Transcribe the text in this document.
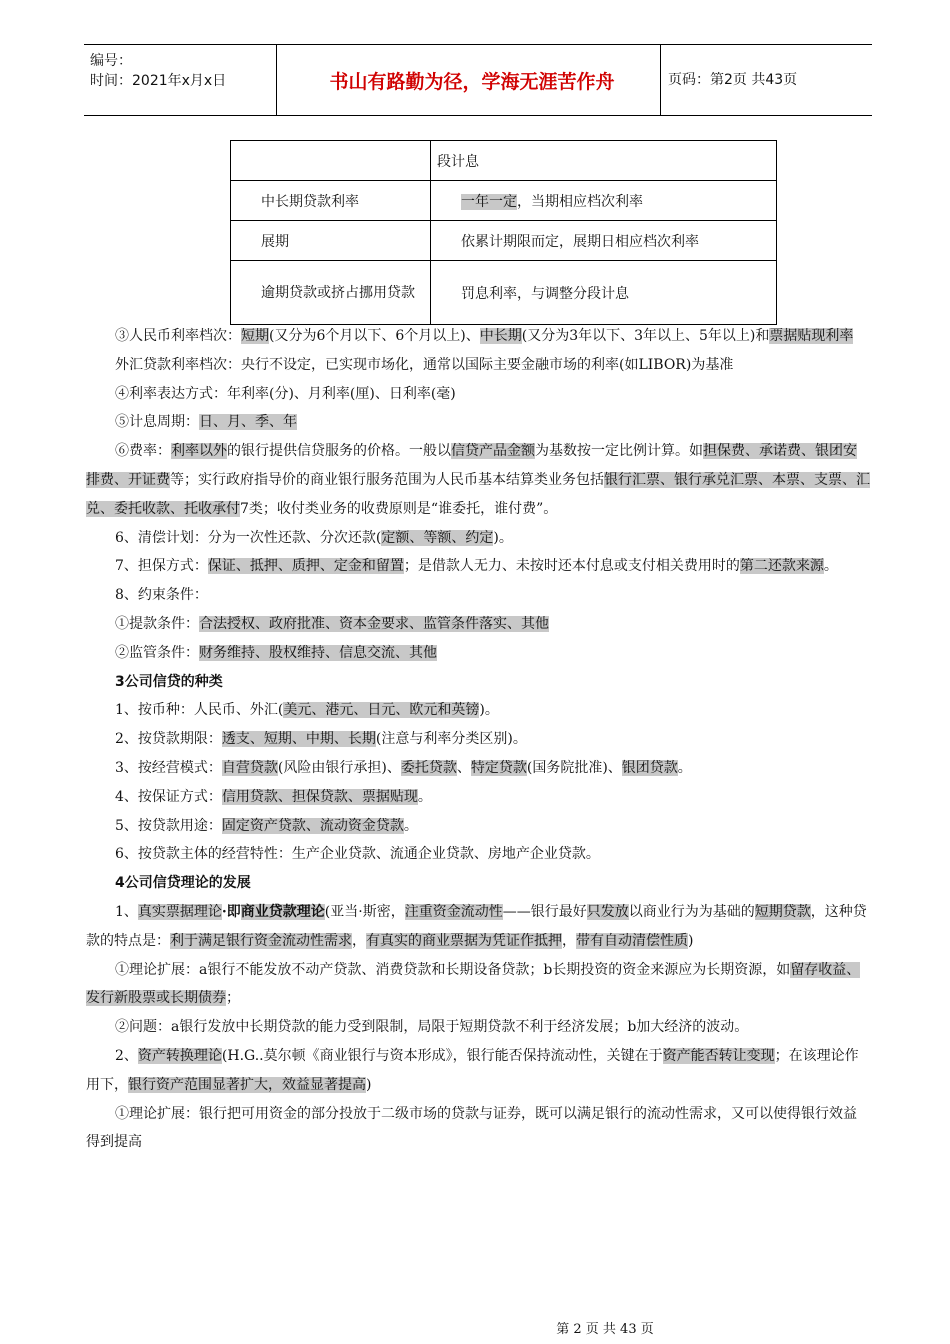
编号：
时间：2021年x月x日	书山有路勤为径，学海无涯苦作舟	页码：第2页 共43页
	段计息
中长期贷款利率	一年一定，当期相应档次利率
展期	依累计期限而定，展期日相应档次利率
逾期贷款或挤占挪用贷款	罚息利率，与调整分段计息

③人民币利率档次：短期(又分为6个月以下、6个月以上)、中长期(又分为3年以下、3年以上、5年以上)和票据贴现利率

外汇贷款利率档次：央行不设定，已实现市场化，通常以国际主要金融市场的利率(如LIBOR)为基准

④利率表达方式：年利率(分)、月利率(厘)、日利率(毫)

⑤计息周期：日、月、季、年

⑥费率：利率以外的银行提供信贷服务的价格。一般以信贷产品金额为基数按一定比例计算。如担保费、承诺费、银团安排费、开证费等；实行政府指导价的商业银行服务范围为人民币基本结算类业务包括银行汇票、银行承兑汇票、本票、支票、汇兑、委托收款、托收承付7类；收付类业务的收费原则是“谁委托，谁付费”。

6、清偿计划：分为一次性还款、分次还款(定额、等额、约定)。

7、担保方式：保证、抵押、质押、定金和留置；是借款人无力、未按时还本付息或支付相关费用时的第二还款来源。

8、约束条件：

①提款条件：合法授权、政府批准、资本金要求、监管条件落实、其他

②监管条件：财务维持、股权维持、信息交流、其他

3公司信贷的种类

1、按币种：人民币、外汇(美元、港元、日元、欧元和英镑)。

2、按贷款期限：透支、短期、中期、长期(注意与利率分类区别)。

3、按经营模式：自营贷款(风险由银行承担)、委托贷款、特定贷款(国务院批准)、银团贷款。

4、按保证方式：信用贷款、担保贷款、票据贴现。

5、按贷款用途：固定资产贷款、流动资金贷款。

6、按贷款主体的经营特性：生产企业贷款、流通企业贷款、房地产企业贷款。

4公司信贷理论的发展

1、真实票据理论·即商业贷款理论(亚当·斯密，注重资金流动性——银行最好只发放以商业行为为基础的短期贷款，这种贷款的特点是：利于满足银行资金流动性需求，有真实的商业票据为凭证作抵押，带有自动清偿性质)

①理论扩展：a银行不能发放不动产贷款、消费贷款和长期设备贷款；b长期投资的资金来源应为长期资源，如留存收益、发行新股票或长期债券；

②问题：a银行发放中长期贷款的能力受到限制，局限于短期贷款不利于经济发展；b加大经济的波动。

2、资产转换理论(H.G..莫尔顿《商业银行与资本形成》，银行能否保持流动性，关键在于资产能否转让变现；在该理论作用下，银行资产范围显著扩大，效益显著提高)

①理论扩展：银行把可用资金的部分投放于二级市场的贷款与证券，既可以满足银行的流动性需求，又可以使得银行效益得到提高

第 2 页 共 43 页
